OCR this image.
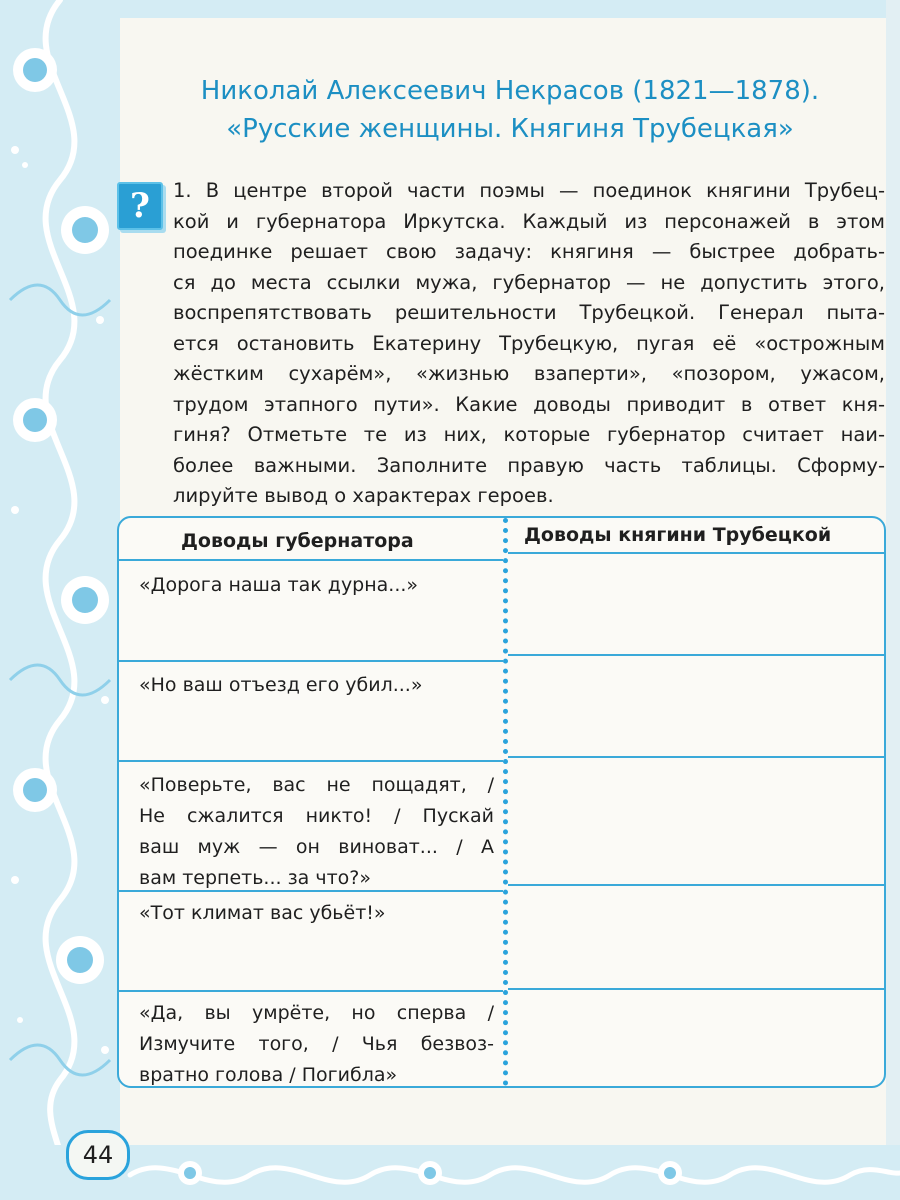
Николай Алексеевич Некрасов (1821—1878).
«Русские женщины. Княгиня Трубецкая»
?	1. В центре второй части поэмы — поединок княгини Трубец-
кой и губернатора Иркутска. Каждый из персонажей в этом
поединке решает свою задачу: княгиня — быстрее добрать-
ся до места ссылки мужа, губернатор — не допустить этого,
воспрепятствовать решительности Трубецкой. Генерал пыта-
ется остановить Екатерину Трубецкую, пугая её «острожным
жёстким сухарём», «жизнью взаперти», «позором, ужасом,
трудом этапного пути». Какие доводы приводит в ответ кня-
гиня? Отметьте те из них, которые губернатор считает наи-
более важными. Заполните правую часть таблицы. Сформу-
лируйте вывод о характерах героев.
Доводы губернатора	Доводы княгини Трубецкой
«Дорога наша так дурна...»
«Но ваш отъезд его убил...»
«Поверьте, вас не пощадят, /
Не сжалится никто! / Пускай
ваш муж — он виноват... / А
вам терпеть... за что?»
«Тот климат вас убьёт!»
«Да, вы умрёте, но сперва /
Измучите того, / Чья безвоз-
вратно голова / Погибла»
44
